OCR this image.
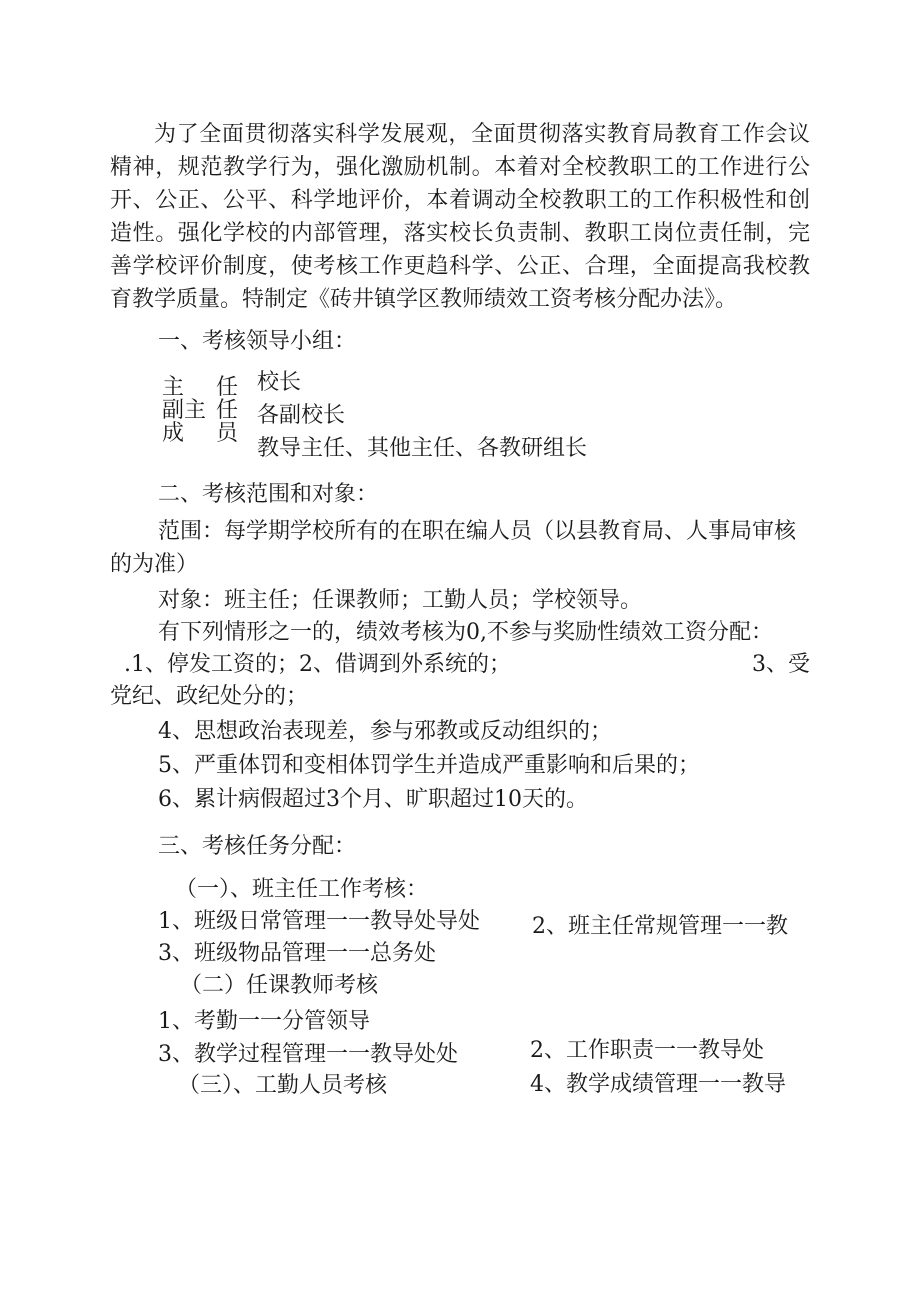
为了全面贯彻落实科学发展观，全面贯彻落实教育局教育工作会议精神，规范教学行为，强化激励机制。本着对全校教职工的工作进行公开、公正、公平、科学地评价，本着调动全校教职工的工作积极性和创造性。强化学校的内部管理，落实校长负责制、教职工岗位责任制，完善学校评价制度，使考核工作更趋科学、公正、合理，全面提高我校教育教学质量。特制定《砖井镇学区教师绩效工资考核分配办法》。
一、考核领导小组：
主 任
副主 任
成 员
校长
各副校长
教导主任、其他主任、各教研组长
二、考核范围和对象：
范围：每学期学校所有的在职在编人员（以县教育局、人事局审核
的为准）
对象：班主任；任课教师；工勤人员；学校领导。
有下列情形之一的，绩效考核为0,不参与奖励性绩效工资分配：
.1、停发工资的；2、借调到外系统的；	3、受
党纪、政纪处分的；
4、思想政治表现差，参与邪教或反动组织的；
5、严重体罚和变相体罚学生并造成严重影响和后果的；
6、累计病假超过3个月、旷职超过10天的。
三、考核任务分配：
（一）、班主任工作考核：
1、班级日常管理一一教导处导处 2、班主任常规管理一一教
3、班级物品管理一一总务处
（二）任课教师考核
1、考勤一一分管领导
2、工作职责一一教导处
3、教学过程管理一一教导处处
4、教学成绩管理一一教导
（三）、工勤人员考核
